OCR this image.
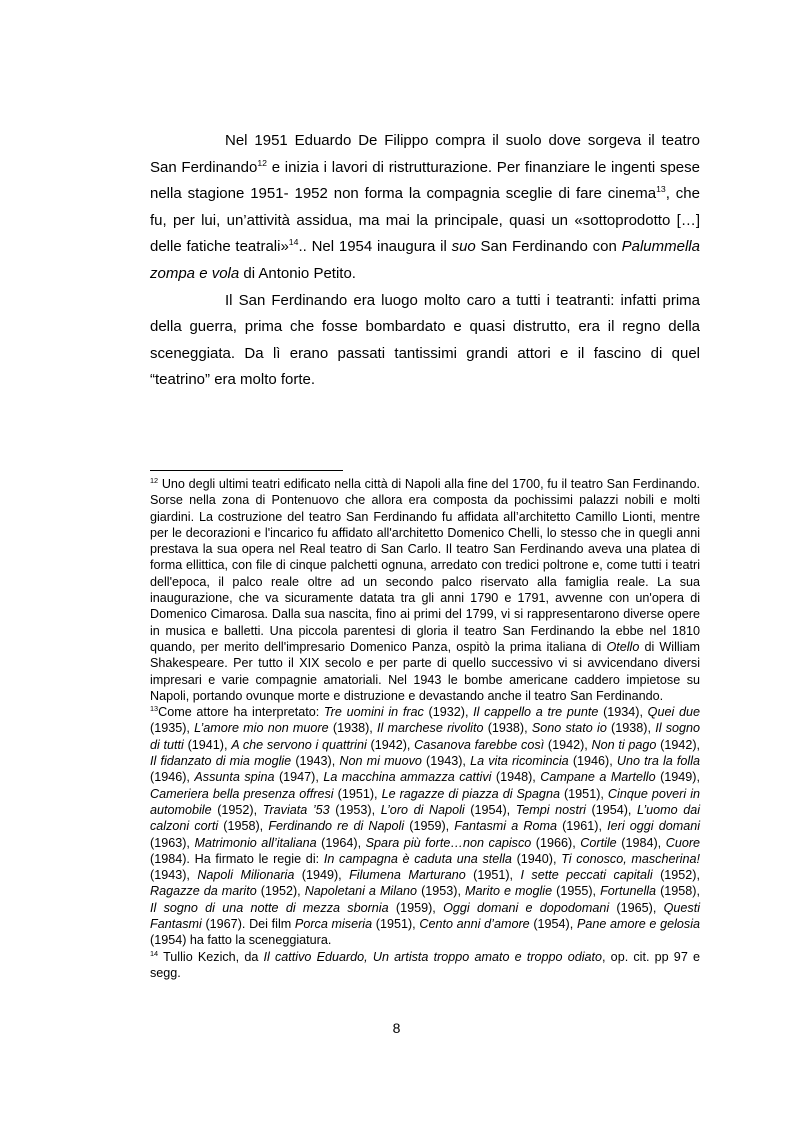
Nel 1951 Eduardo De Filippo compra il suolo dove sorgeva il teatro San Ferdinando$^{12}$ e inizia i lavori di ristrutturazione. Per finanziare le ingenti spese nella stagione 1951- 1952 non forma la compagnia sceglie di fare cinema$^{13}$, che fu, per lui, un’attività assidua, ma mai la principale, quasi un «sottoprodotto […] delle fatiche teatrali»$^{14}$.. Nel 1954 inaugura il suo San Ferdinando con Palummella zompa e vola di Antonio Petito.

Il San Ferdinando era luogo molto caro a tutti i teatranti: infatti prima della guerra, prima che fosse bombardato e quasi distrutto, era il regno della sceneggiata. Da lì erano passati tantissimi grandi attori e il fascino di quel “teatrino” era molto forte.

$^{12}$ Uno degli ultimi teatri edificato nella città di Napoli alla fine del 1700, fu il teatro San Ferdinando. Sorse nella zona di Pontenuovo che allora era composta da pochissimi palazzi nobili e molti giardini. La costruzione del teatro San Ferdinando fu affidata all’architetto Camillo Lionti, mentre per le decorazioni e l'incarico fu affidato all'architetto Domenico Chelli, lo stesso che in quegli anni prestava la sua opera nel Real teatro di San Carlo. Il teatro San Ferdinando aveva una platea di forma ellittica, con file di cinque palchetti ognuna, arredato con tredici poltrone e, come tutti i teatri dell'epoca, il palco reale oltre ad un secondo palco riservato alla famiglia reale. La sua inaugurazione, che va sicuramente datata tra gli anni 1790 e 1791, avvenne con un'opera di Domenico Cimarosa. Dalla sua nascita, fino ai primi del 1799, vi si rappresentarono diverse opere in musica e balletti. Una piccola parentesi di gloria il teatro San Ferdinando la ebbe nel 1810 quando, per merito dell'impresario Domenico Panza, ospitò la prima italiana di Otello di William Shakespeare. Per tutto il XIX secolo e per parte di quello successivo vi si avvicendano diversi impresari e varie compagnie amatoriali. Nel 1943 le bombe americane caddero impietose su Napoli, portando ovunque morte e distruzione e devastando anche il teatro San Ferdinando.

$^{13}$Come attore ha interpretato: Tre uomini in frac (1932), Il cappello a tre punte (1934), Quei due (1935), L’amore mio non muore (1938), Il marchese rivolito (1938), Sono stato io (1938), Il sogno di tutti (1941), A che servono i quattrini (1942), Casanova farebbe così (1942), Non ti pago (1942), Il fidanzato di mia moglie (1943), Non mi muovo (1943), La vita ricomincia (1946), Uno tra la folla (1946), Assunta spina (1947), La macchina ammazza cattivi (1948), Campane a Martello (1949), Cameriera bella presenza offresi (1951), Le ragazze di piazza di Spagna (1951), Cinque poveri in automobile (1952), Traviata ’53 (1953), L’oro di Napoli (1954), Tempi nostri (1954), L’uomo dai calzoni corti (1958), Ferdinando re di Napoli (1959), Fantasmi a Roma (1961), Ieri oggi domani (1963), Matrimonio all’italiana (1964), Spara più forte…non capisco (1966), Cortile (1984), Cuore (1984). Ha firmato le regie di: In campagna è caduta una stella (1940), Ti conosco, mascherina! (1943), Napoli Milionaria (1949), Filumena Marturano (1951), I sette peccati capitali (1952), Ragazze da marito (1952), Napoletani a Milano (1953), Marito e moglie (1955), Fortunella (1958), Il sogno di una notte di mezza sbornia (1959), Oggi domani e dopodomani (1965), Questi Fantasmi (1967). Dei film Porca miseria (1951), Cento anni d’amore (1954), Pane amore e gelosia (1954) ha fatto la sceneggiatura.

$^{14}$ Tullio Kezich, da Il cattivo Eduardo, Un artista troppo amato e troppo odiato, op. cit. pp 97 e segg.

8
